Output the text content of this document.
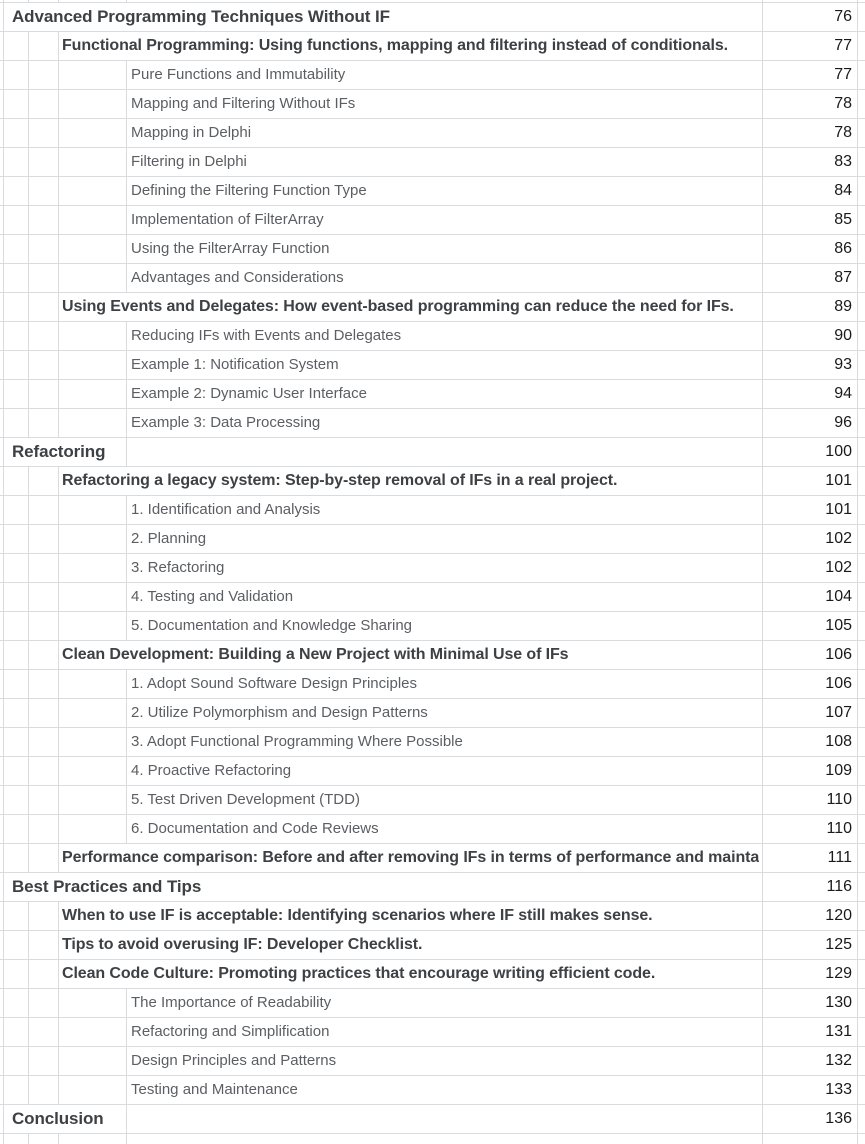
Advanced Programming Techniques Without IF	76
Functional Programming: Using functions, mapping and filtering instead of conditionals.	77
Pure Functions and Immutability	77
Mapping and Filtering Without IFs	78
Mapping in Delphi	78
Filtering in Delphi	83
Defining the Filtering Function Type	84
Implementation of FilterArray	85
Using the FilterArray Function	86
Advantages and Considerations	87
Using Events and Delegates: How event-based programming can reduce the need for IFs.	89
Reducing IFs with Events and Delegates	90
Example 1: Notification System	93
Example 2: Dynamic User Interface	94
Example 3: Data Processing	96
Refactoring	100
Refactoring a legacy system: Step-by-step removal of IFs in a real project.	101
1. Identification and Analysis	101
2. Planning	102
3. Refactoring	102
4. Testing and Validation	104
5. Documentation and Knowledge Sharing	105
Clean Development: Building a New Project with Minimal Use of IFs	106
1. Adopt Sound Software Design Principles	106
2. Utilize Polymorphism and Design Patterns	107
3. Adopt Functional Programming Where Possible	108
4. Proactive Refactoring	109
5. Test Driven Development (TDD)	110
6. Documentation and Code Reviews	110
Performance comparison: Before and after removing IFs in terms of performance and mainta	111
Best Practices and Tips	116
When to use IF is acceptable: Identifying scenarios where IF still makes sense.	120
Tips to avoid overusing IF: Developer Checklist.	125
Clean Code Culture: Promoting practices that encourage writing efficient code.	129
The Importance of Readability	130
Refactoring and Simplification	131
Design Principles and Patterns	132
Testing and Maintenance	133
Conclusion	136
